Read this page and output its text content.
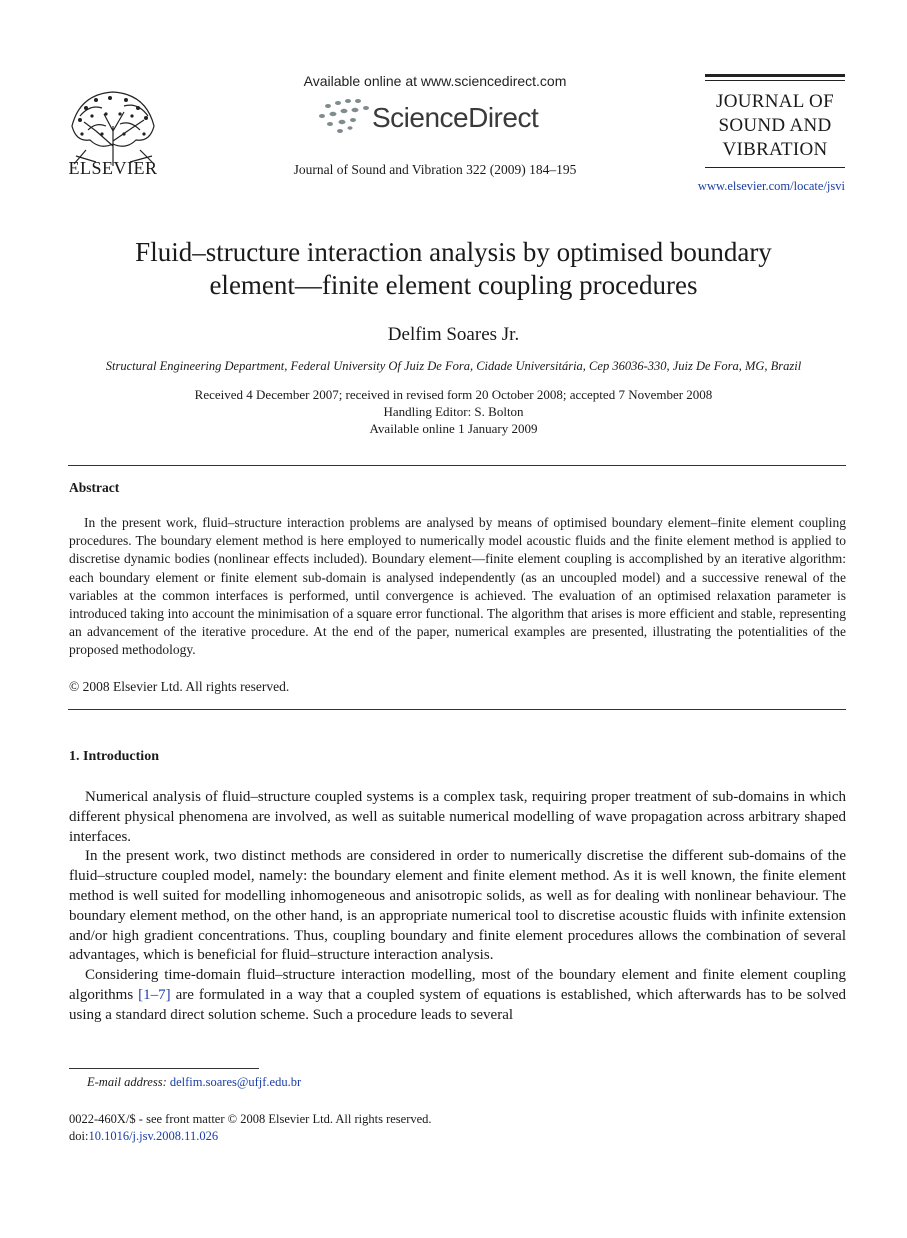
ELSEVIER
Available online at www.sciencedirect.com
ScienceDirect
Journal of Sound and Vibration 322 (2009) 184–195
JOURNAL OF
SOUND AND
VIBRATION
www.elsevier.com/locate/jsvi
Fluid–structure interaction analysis by optimised boundary
element—finite element coupling procedures
Delfim Soares Jr.
Structural Engineering Department, Federal University Of Juiz De Fora, Cidade Universitária, Cep 36036-330, Juiz De Fora, MG, Brazil
Received 4 December 2007; received in revised form 20 October 2008; accepted 7 November 2008
Handling Editor: S. Bolton
Available online 1 January 2009
Abstract
In the present work, fluid–structure interaction problems are analysed by means of optimised boundary element–finite element coupling procedures. The boundary element method is here employed to numerically model acoustic fluids and the finite element method is applied to discretise dynamic bodies (nonlinear effects included). Boundary element—finite element coupling is accomplished by an iterative algorithm: each boundary element or finite element sub-domain is analysed independently (as an uncoupled model) and a successive renewal of the variables at the common interfaces is performed, until convergence is achieved. The evaluation of an optimised relaxation parameter is introduced taking into account the minimisation of a square error functional. The algorithm that arises is more efficient and stable, representing an advancement of the iterative procedure. At the end of the paper, numerical examples are presented, illustrating the potentialities of the proposed methodology.
© 2008 Elsevier Ltd. All rights reserved.
1. Introduction

Numerical analysis of fluid–structure coupled systems is a complex task, requiring proper treatment of sub-domains in which different physical phenomena are involved, as well as suitable numerical modelling of wave propagation across arbitrary shaped interfaces.

In the present work, two distinct methods are considered in order to numerically discretise the different sub-domains of the fluid–structure coupled model, namely: the boundary element and finite element method. As it is well known, the finite element method is well suited for modelling inhomogeneous and anisotropic solids, as well as for dealing with nonlinear behaviour. The boundary element method, on the other hand, is an appropriate numerical tool to discretise acoustic fluids with infinite extension and/or high gradient concentrations. Thus, coupling boundary and finite element procedures allows the combination of several advantages, which is beneficial for fluid–structure interaction analysis.

Considering time-domain fluid–structure interaction modelling, most of the boundary element and finite element coupling algorithms [1–7] are formulated in a way that a coupled system of equations is established, which afterwards has to be solved using a standard direct solution scheme. Such a procedure leads to several

E-mail address: delfim.soares@ufjf.edu.br
0022-460X/$ - see front matter © 2008 Elsevier Ltd. All rights reserved.
doi:10.1016/j.jsv.2008.11.026
